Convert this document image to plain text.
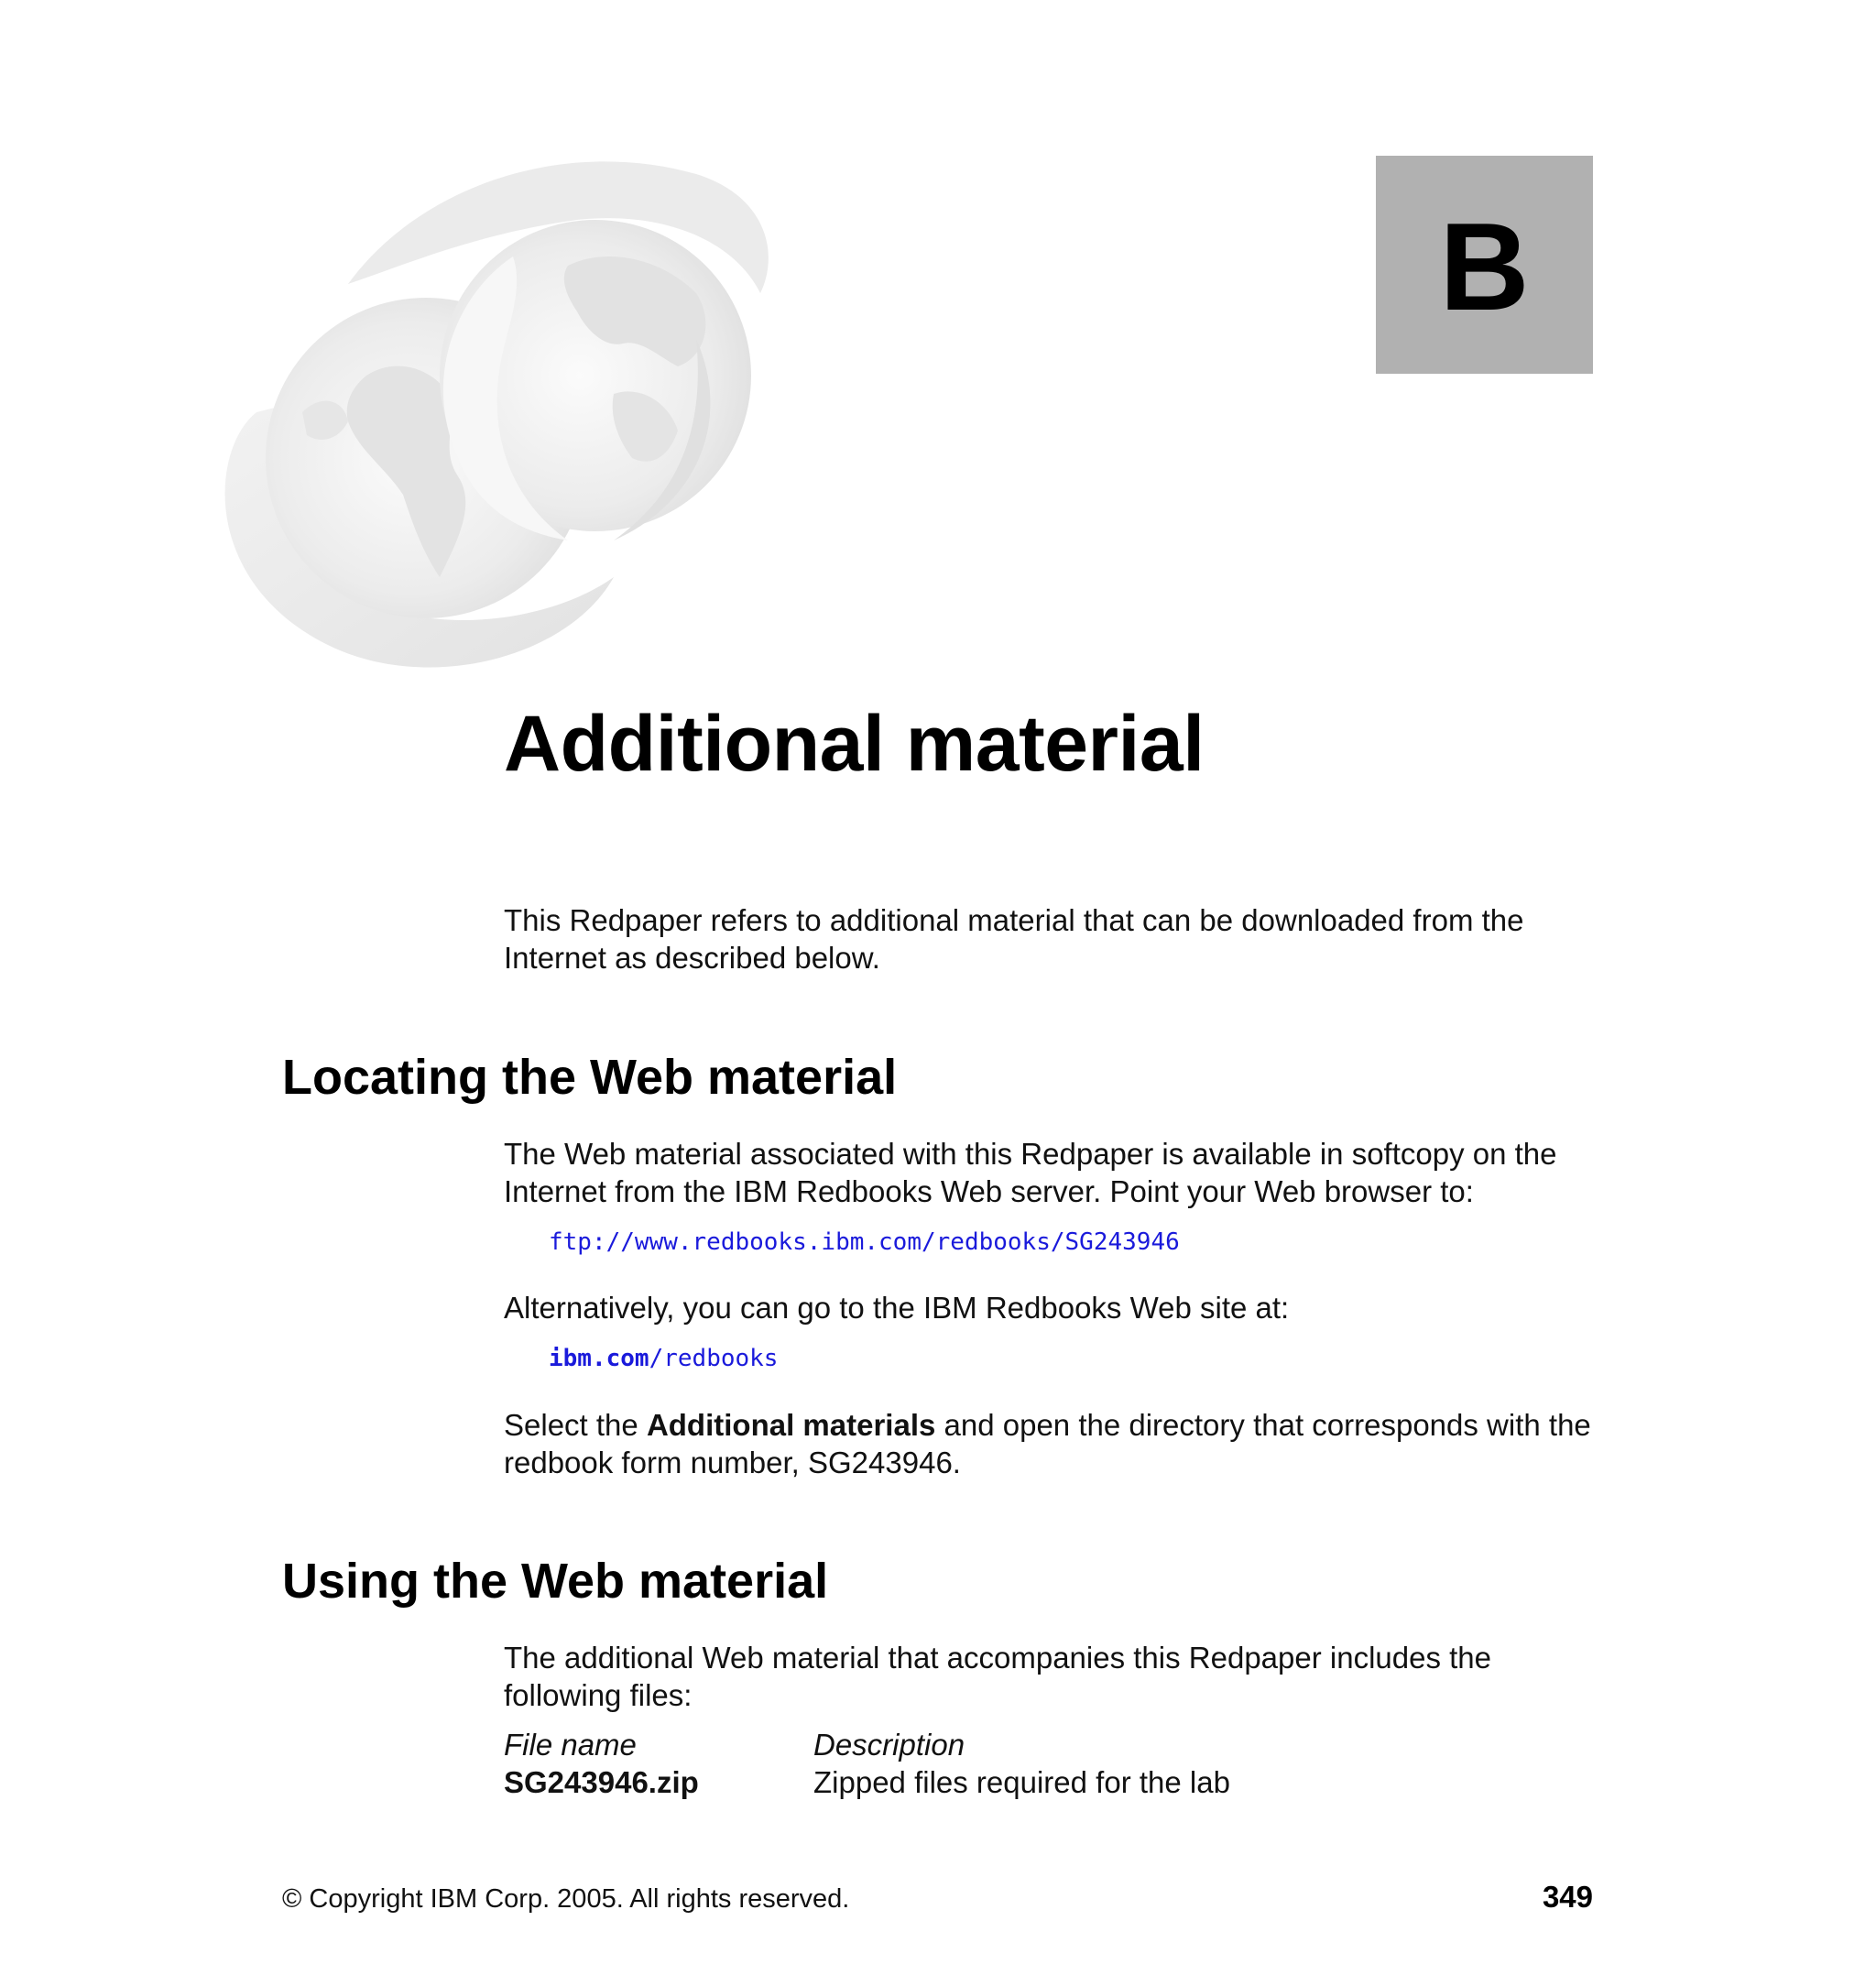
B
Additional material

This Redpaper refers to additional material that can be downloaded from the Internet as described below.

Locating the Web material

The Web material associated with this Redpaper is available in softcopy on the Internet from the IBM Redbooks Web server. Point your Web browser to:

ftp://www.redbooks.ibm.com/redbooks/SG243946

Alternatively, you can go to the IBM Redbooks Web site at:

ibm.com/redbooks

Select the Additional materials and open the directory that corresponds with the redbook form number, SG243946.

Using the Web material

The additional Web material that accompanies this Redpaper includes the following files:

File name	Description
SG243946.zip	Zipped files required for the lab

© Copyright IBM Corp. 2005. All rights reserved.	349
